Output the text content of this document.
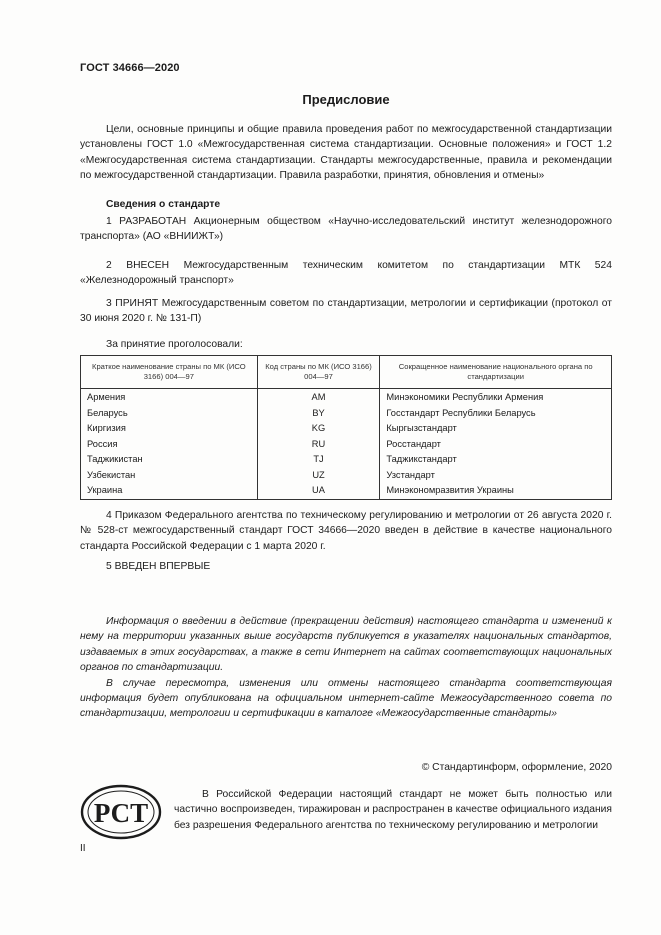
ГОСТ 34666—2020
Предисловие
Цели, основные принципы и общие правила проведения работ по межгосударственной стандартизации установлены ГОСТ 1.0 «Межгосударственная система стандартизации. Основные положения» и ГОСТ 1.2 «Межгосударственная система стандартизации. Стандарты межгосударственные, правила и рекомендации по межгосударственной стандартизации. Правила разработки, принятия, обновления и отмены»
Сведения о стандарте
1 РАЗРАБОТАН Акционерным обществом «Научно-исследовательский институт железнодорожного транспорта» (АО «ВНИИЖТ»)
2 ВНЕСЕН Межгосударственным техническим комитетом по стандартизации МТК 524 «Железнодорожный транспорт»
3 ПРИНЯТ Межгосударственным советом по стандартизации, метрологии и сертификации (протокол от 30 июня 2020 г. № 131-П)
За принятие проголосовали:
Краткое наименование страны по МК (ИСО 3166) 004—97	Код страны по МК (ИСО 3166) 004—97	Сокращенное наименование национального органа по стандартизации
Армения	AM	Минэкономики Республики Армения
Беларусь	BY	Госстандарт Республики Беларусь
Киргизия	KG	Кыргызстандарт
Россия	RU	Росстандарт
Таджикистан	TJ	Таджикстандарт
Узбекистан	UZ	Узстандарт
Украина	UA	Минэкономразвития Украины
4 Приказом Федерального агентства по техническому регулированию и метрологии от 26 августа 2020 г. № 528-ст межгосударственный стандарт ГОСТ 34666—2020 введен в действие в качестве национального стандарта Российской Федерации с 1 марта 2020 г.
5 ВВЕДЕН ВПЕРВЫЕ

Информация о введении в действие (прекращении действия) настоящего стандарта и изменений к нему на территории указанных выше государств публикуется в указателях национальных стандартов, издаваемых в этих государствах, а также в сети Интернет на сайтах соответствующих национальных органов по стандартизации.

В случае пересмотра, изменения или отмены настоящего стандарта соответствующая информация будет опубликована на официальном интернет-сайте Межгосударственного совета по стандартизации, метрологии и сертификации в каталоге «Межгосударственные стандарты»

© Стандартинформ, оформление, 2020
РСТ
В Российской Федерации настоящий стандарт не может быть полностью или частично воспроизведен, тиражирован и распространен в качестве официального издания без разрешения Федерального агентства по техническому регулированию и метрологии
II
